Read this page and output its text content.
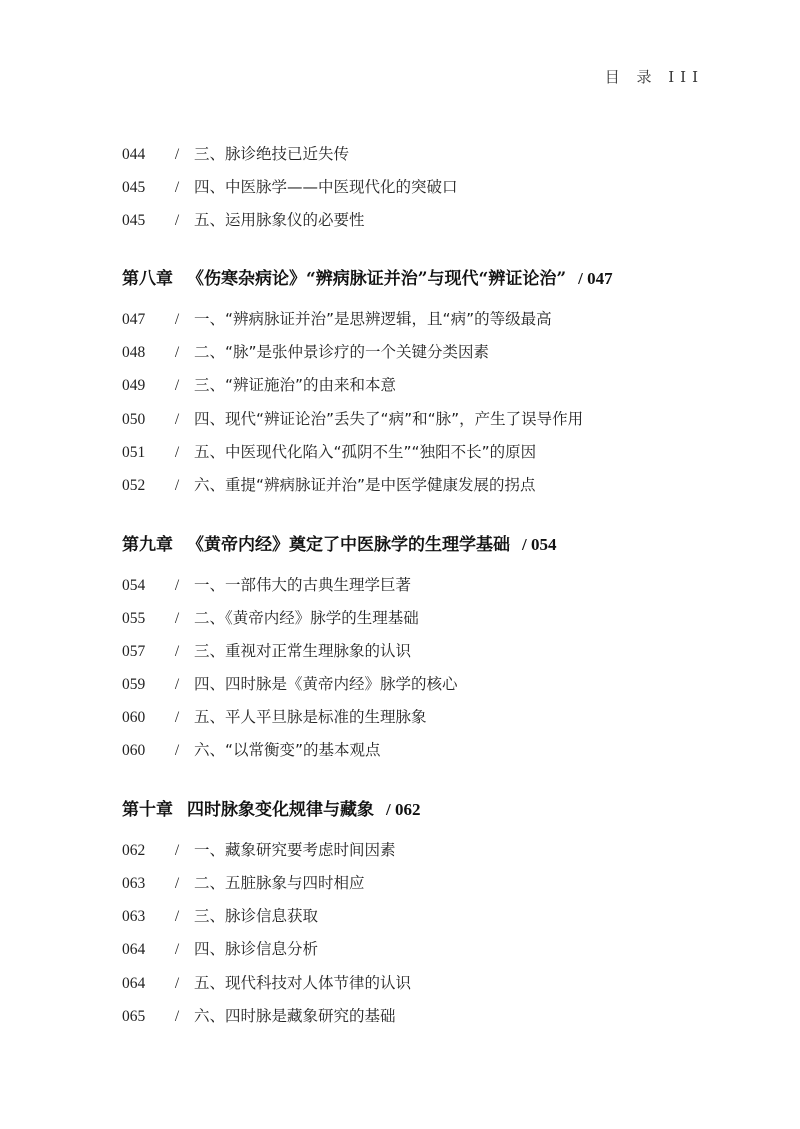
目 录 III
044 / 三、脉诊绝技已近失传
045 / 四、中医脉学——中医现代化的突破口
045 / 五、运用脉象仪的必要性
第八章 《伤寒杂病论》“辨病脉证并治”与现代“辨证论治” / 047
047 / 一、“辨病脉证并治”是思辨逻辑，且“病”的等级最高
048 / 二、“脉”是张仲景诊疗的一个关键分类因素
049 / 三、“辨证施治”的由来和本意
050 / 四、现代“辨证论治”丢失了“病”和“脉”，产生了误导作用
051 / 五、中医现代化陷入“孤阴不生”“独阳不长”的原因
052 / 六、重提“辨病脉证并治”是中医学健康发展的拐点
第九章 《黄帝内经》奠定了中医脉学的生理学基础 / 054
054 / 一、一部伟大的古典生理学巨著
055 / 二、《黄帝内经》脉学的生理基础
057 / 三、重视对正常生理脉象的认识
059 / 四、四时脉是《黄帝内经》脉学的核心
060 / 五、平人平旦脉是标准的生理脉象
060 / 六、“以常衡变”的基本观点
第十章 四时脉象变化规律与藏象 / 062
062 / 一、藏象研究要考虑时间因素
063 / 二、五脏脉象与四时相应
063 / 三、脉诊信息获取
064 / 四、脉诊信息分析
064 / 五、现代科技对人体节律的认识
065 / 六、四时脉是藏象研究的基础
